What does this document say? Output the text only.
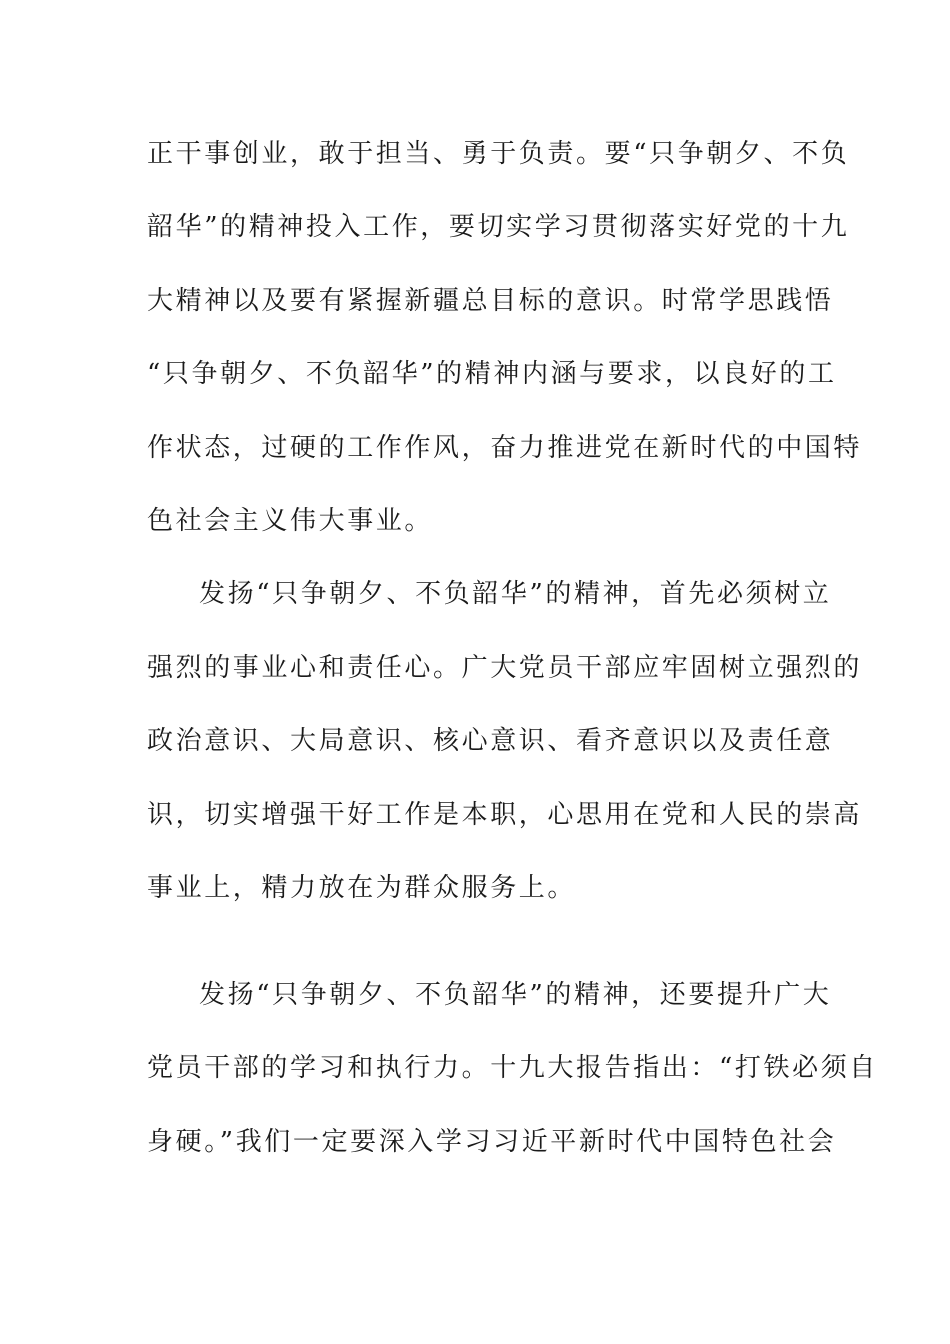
正干事创业，敢于担当、勇于负责。要“只争朝夕、不负
韶华”的精神投入工作，要切实学习贯彻落实好党的十九
大精神以及要有紧握新疆总目标的意识。时常学思践悟
“只争朝夕、不负韶华”的精神内涵与要求，以良好的工
作状态，过硬的工作作风，奋力推进党在新时代的中国特
色社会主义伟大事业。
发扬“只争朝夕、不负韶华”的精神，首先必须树立
强烈的事业心和责任心。广大党员干部应牢固树立强烈的
政治意识、大局意识、核心意识、看齐意识以及责任意
识，切实增强干好工作是本职，心思用在党和人民的崇高
事业上，精力放在为群众服务上。
发扬“只争朝夕、不负韶华”的精神，还要提升广大
党员干部的学习和执行力。十九大报告指出：“打铁必须自
身硬。”我们一定要深入学习习近平新时代中国特色社会
